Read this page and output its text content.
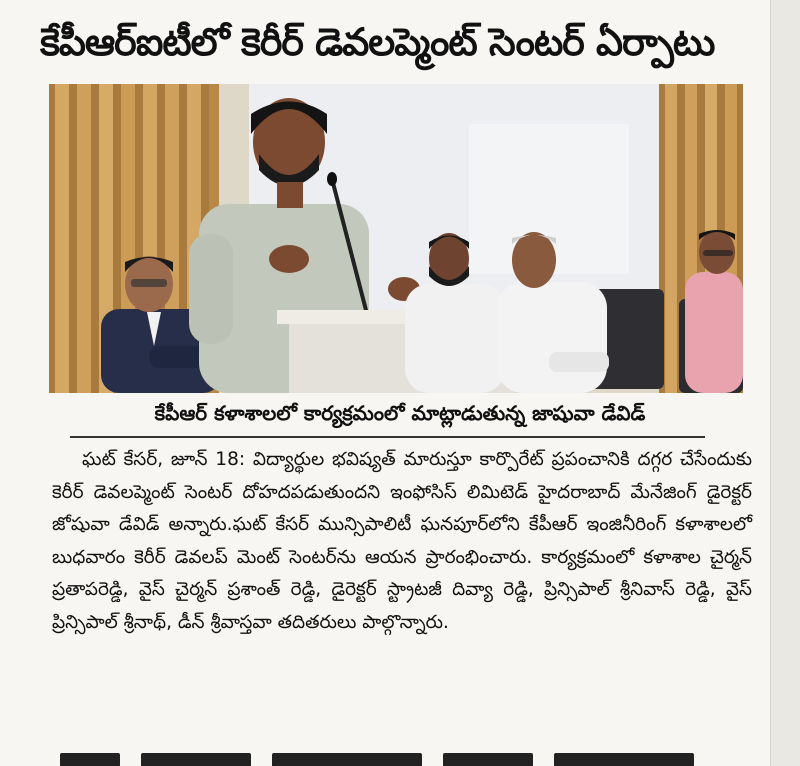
కేపీఆర్ఐటీలో కెరీర్ డెవలప్మెంట్ సెంటర్ ఏర్పాటు
కేపీఆర్ కళాశాలలో కార్యక్రమంలో మాట్లాడుతున్న జాషువా డేవిడ్

ఘట్ కేసర్, జూన్ 18: విద్యార్థుల భవిష్యత్ మారుస్తూ కార్పొరేట్ ప్రపంచానికి దగ్గర చేసేందుకు కెరీర్ డెవలప్మెంట్ సెంటర్ దోహదపడుతుందని ఇంఫోసిస్ లిమిటెడ్ హైదరాబాద్ మేనేజింగ్ డైరెక్టర్ జోషువా డేవిడ్ అన్నారు.ఘట్ కేసర్ మున్సిపాలిటీ ఘనపూర్‌లోని కేపీఆర్ ఇంజినీరింగ్ కళాశాలలో బుధవారం కెరీర్ డెవలప్ మెంట్ సెంటర్‌ను ఆయన ప్రారంభించారు. కార్యక్రమంలో కళాశాల చైర్మన్ ప్రతాపరెడ్డి, వైస్ చైర్మన్ ప్రశాంత్ రెడ్డి, డైరెక్టర్ స్ట్రాటజీ దివ్యా రెడ్డి, ప్రిన్సిపాల్ శ్రీనివాస్ రెడ్డి, వైస్ ప్రిన్సిపాల్ శ్రీనాథ్, డీన్ శ్రీవాస్తవా తదితరులు పాల్గొన్నారు.
